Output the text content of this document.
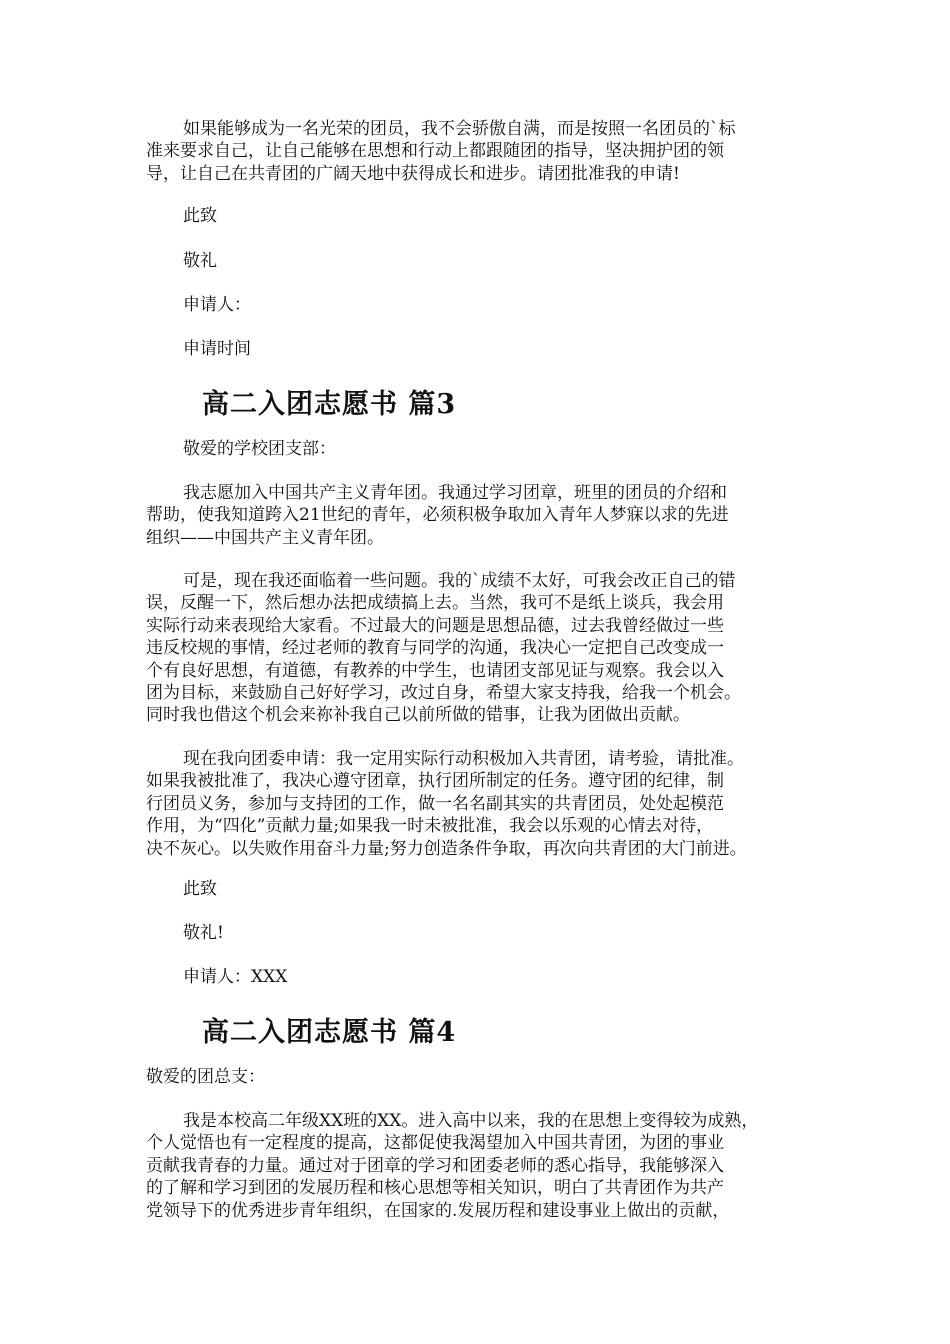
如果能够成为一名光荣的团员，我不会骄傲自满，而是按照一名团员的`标
准来要求自己，让自己能够在思想和行动上都跟随团的指导，坚决拥护团的领
导，让自己在共青团的广阔天地中获得成长和进步。请团批准我的申请!
此致
敬礼
申请人：
申请时间
高二入团志愿书 篇3
敬爱的学校团支部：
我志愿加入中国共产主义青年团。我通过学习团章，班里的团员的介绍和
帮助，使我知道跨入21世纪的青年，必须积极争取加入青年人梦寐以求的先进
组织——中国共产主义青年团。
可是，现在我还面临着一些问题。我的`成绩不太好，可我会改正自己的错
误，反醒一下，然后想办法把成绩搞上去。当然，我可不是纸上谈兵，我会用
实际行动来表现给大家看。不过最大的问题是思想品德，过去我曾经做过一些
违反校规的事情，经过老师的教育与同学的沟通，我决心一定把自己改变成一
个有良好思想，有道德，有教养的中学生，也请团支部见证与观察。我会以入
团为目标，来鼓励自己好好学习，改过自身，希望大家支持我，给我一个机会。
同时我也借这个机会来祢补我自己以前所做的错事，让我为团做出贡献。
现在我向团委申请：我一定用实际行动积极加入共青团，请考验，请批准。
如果我被批准了，我决心遵守团章，执行团所制定的任务。遵守团的纪律，制
行团员义务，参加与支持团的工作，做一名名副其实的共青团员，处处起模范
作用，为“四化”贡献力量;如果我一时未被批准，我会以乐观的心情去对待，
决不灰心。以失败作用奋斗力量;努力创造条件争取，再次向共青团的大门前进。
此致
敬礼!
申请人：XXX
高二入团志愿书 篇4
敬爱的团总支：
我是本校高二年级XX班的XX。进入高中以来，我的在思想上变得较为成熟，
个人觉悟也有一定程度的提高，这都促使我渴望加入中国共青团，为团的事业
贡献我青春的力量。通过对于团章的学习和团委老师的悉心指导，我能够深入
的了解和学习到团的发展历程和核心思想等相关知识，明白了共青团作为共产
党领导下的优秀进步青年组织，在国家的.发展历程和建设事业上做出的贡献，
